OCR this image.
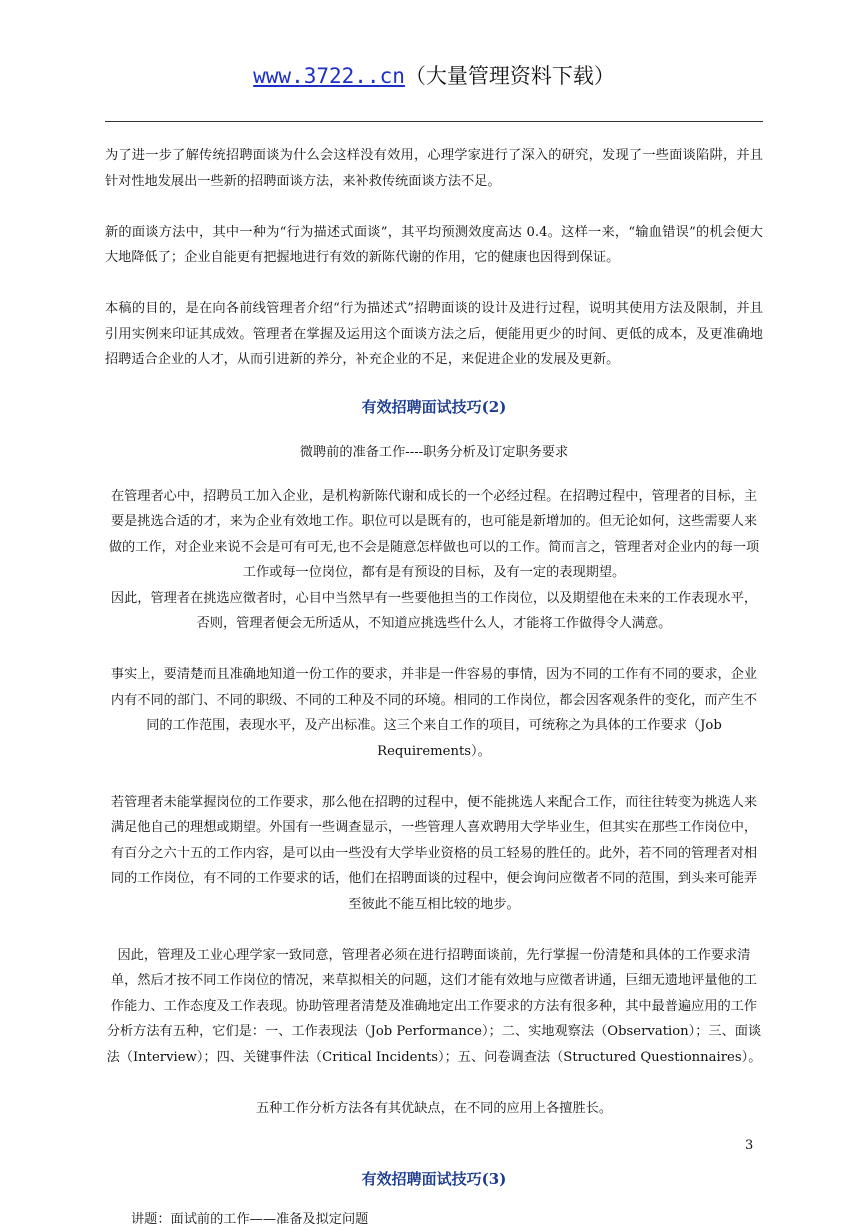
www.3722..cn（大量管理资料下载）

为了进一步了解传统招聘面谈为什么会这样没有效用，心理学家进行了深入的研究，发现了一些面谈陷阱，并且针对性地发展出一些新的招聘面谈方法，来补救传统面谈方法不足。

新的面谈方法中，其中一种为“行为描述式面谈”，其平均预测效度高达 0.4。这样一来，“输血错误”的机会便大大地降低了；企业自能更有把握地进行有效的新陈代谢的作用，它的健康也因得到保证。

本稿的目的，是在向各前线管理者介绍“行为描述式”招聘面谈的设计及进行过程，说明其使用方法及限制，并且引用实例来印证其成效。管理者在掌握及运用这个面谈方法之后，便能用更少的时间、更低的成本，及更准确地招聘适合企业的人才，从而引进新的养分，补充企业的不足，来促进企业的发展及更新。

有效招聘面试技巧(2)

微聘前的准备工作----职务分析及订定职务要求

在管理者心中，招聘员工加入企业，是机构新陈代谢和成长的一个必经过程。在招聘过程中，管理者的目标，主要是挑选合适的才，来为企业有效地工作。职位可以是既有的，也可能是新增加的。但无论如何，这些需要人来做的工作，对企业来说不会是可有可无,也不会是随意怎样做也可以的工作。简而言之，管理者对企业内的每一项工作或每一位岗位，都有是有预设的目标，及有一定的表现期望。

因此，管理者在挑选应徵者时，心目中当然早有一些要他担当的工作岗位，以及期望他在未来的工作表现水平，否则，管理者便会无所适从，不知道应挑选些什么人，才能将工作做得令人满意。

事实上，要清楚而且准确地知道一份工作的要求，并非是一件容易的事情，因为不同的工作有不同的要求，企业内有不同的部门、不同的职级、不同的工种及不同的环境。相同的工作岗位，都会因客观条件的变化，而产生不同的工作范围，表现水平，及产出标准。这三个来自工作的项目，可统称之为具体的工作要求（Job Requirements）。

若管理者未能掌握岗位的工作要求，那么他在招聘的过程中，便不能挑选人来配合工作，而往往转变为挑选人来满足他自己的理想或期望。外国有一些调查显示，一些管理人喜欢聘用大学毕业生，但其实在那些工作岗位中，有百分之六十五的工作内容，是可以由一些没有大学毕业资格的员工轻易的胜任的。此外，若不同的管理者对相同的工作岗位，有不同的工作要求的话，他们在招聘面谈的过程中，便会询问应徵者不同的范围，到头来可能弄至彼此不能互相比较的地步。

因此，管理及工业心理学家一致同意，管理者必须在进行招聘面谈前，先行掌握一份清楚和具体的工作要求清单，然后才按不同工作岗位的情况，来草拟相关的问题，这们才能有效地与应徵者讲通，巨细无遗地评量他的工作能力、工作态度及工作表现。协助管理者清楚及准确地定出工作要求的方法有很多种，其中最普遍应用的工作分析方法有五种，它们是：一、工作表现法（Job Performance）；二、实地观察法（Observation）；三、面谈法（Interview）；四、关键事件法（Critical Incidents）；五、问卷调查法（Structured Questionnaires）。

五种工作分析方法各有其优缺点，在不同的应用上各擅胜长。

有效招聘面试技巧(3)

讲题：面试前的工作——准备及拟定问题

3
